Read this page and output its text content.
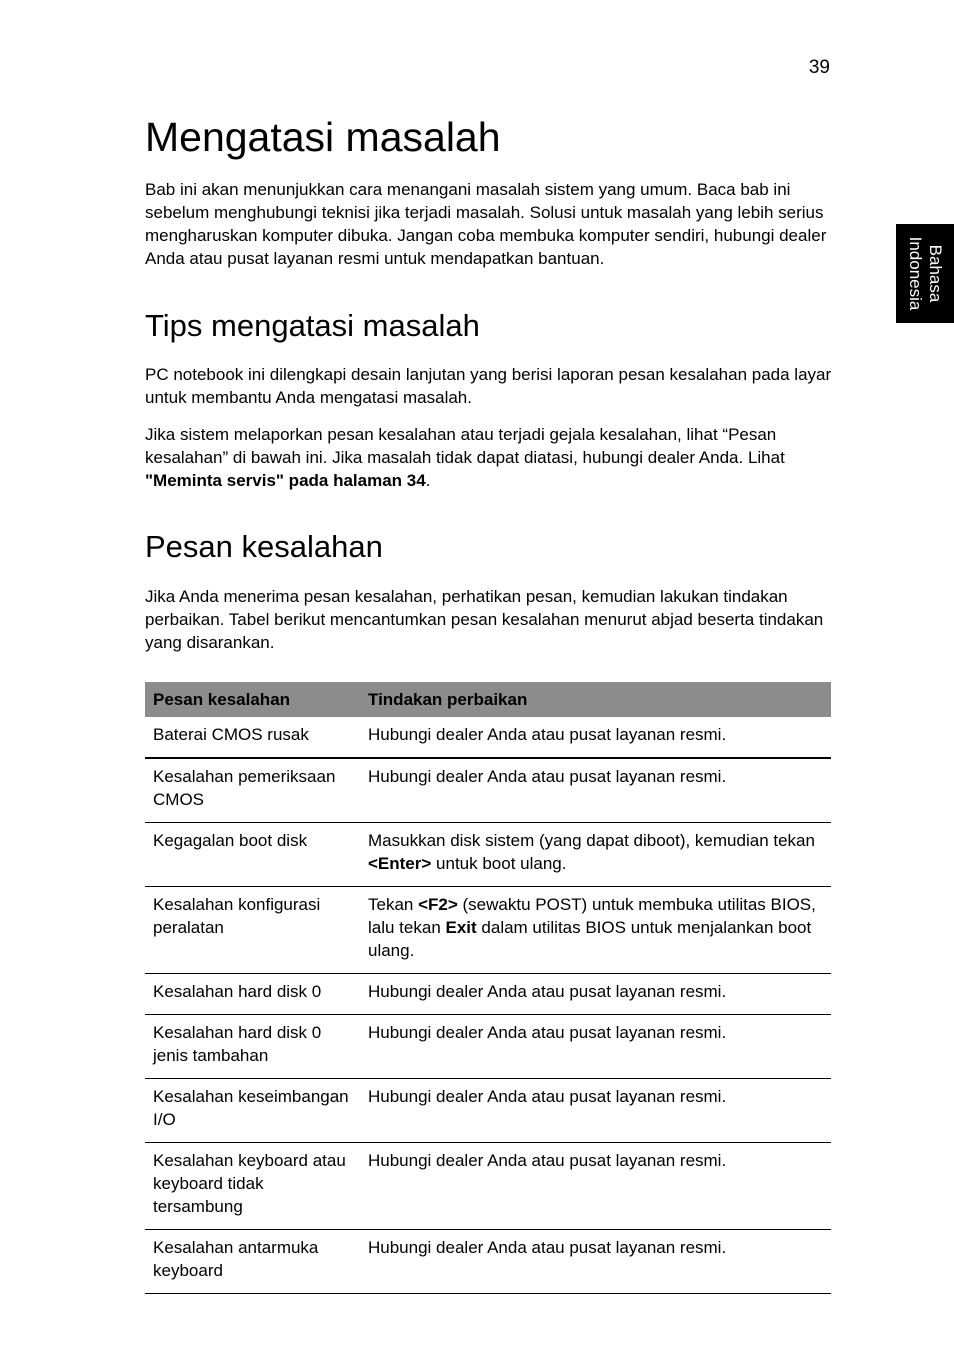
39
Bahasa
Indonesia
Mengatasi masalah

Bab ini akan menunjukkan cara menangani masalah sistem yang umum. Baca bab ini sebelum menghubungi teknisi jika terjadi masalah. Solusi untuk masalah yang lebih serius mengharuskan komputer dibuka. Jangan coba membuka komputer sendiri, hubungi dealer Anda atau pusat layanan resmi untuk mendapatkan bantuan.

Tips mengatasi masalah

PC notebook ini dilengkapi desain lanjutan yang berisi laporan pesan kesalahan pada layar untuk membantu Anda mengatasi masalah.

Jika sistem melaporkan pesan kesalahan atau terjadi gejala kesalahan, lihat “Pesan kesalahan” di bawah ini. Jika masalah tidak dapat diatasi, hubungi dealer Anda. Lihat "Meminta servis" pada halaman 34.

Pesan kesalahan

Jika Anda menerima pesan kesalahan, perhatikan pesan, kemudian lakukan tindakan perbaikan. Tabel berikut mencantumkan pesan kesalahan menurut abjad beserta tindakan yang disarankan.

Pesan kesalahan	Tindakan perbaikan
Baterai CMOS rusak	Hubungi dealer Anda atau pusat layanan resmi.
Kesalahan pemeriksaan CMOS	Hubungi dealer Anda atau pusat layanan resmi.
Kegagalan boot disk	Masukkan disk sistem (yang dapat diboot), kemudian tekan <Enter> untuk boot ulang.
Kesalahan konfigurasi peralatan	Tekan <F2> (sewaktu POST) untuk membuka utilitas BIOS, lalu tekan Exit dalam utilitas BIOS untuk menjalankan boot ulang.
Kesalahan hard disk 0	Hubungi dealer Anda atau pusat layanan resmi.
Kesalahan hard disk 0 jenis tambahan	Hubungi dealer Anda atau pusat layanan resmi.
Kesalahan keseimbangan I/O	Hubungi dealer Anda atau pusat layanan resmi.
Kesalahan keyboard atau keyboard tidak tersambung	Hubungi dealer Anda atau pusat layanan resmi.
Kesalahan antarmuka keyboard	Hubungi dealer Anda atau pusat layanan resmi.
